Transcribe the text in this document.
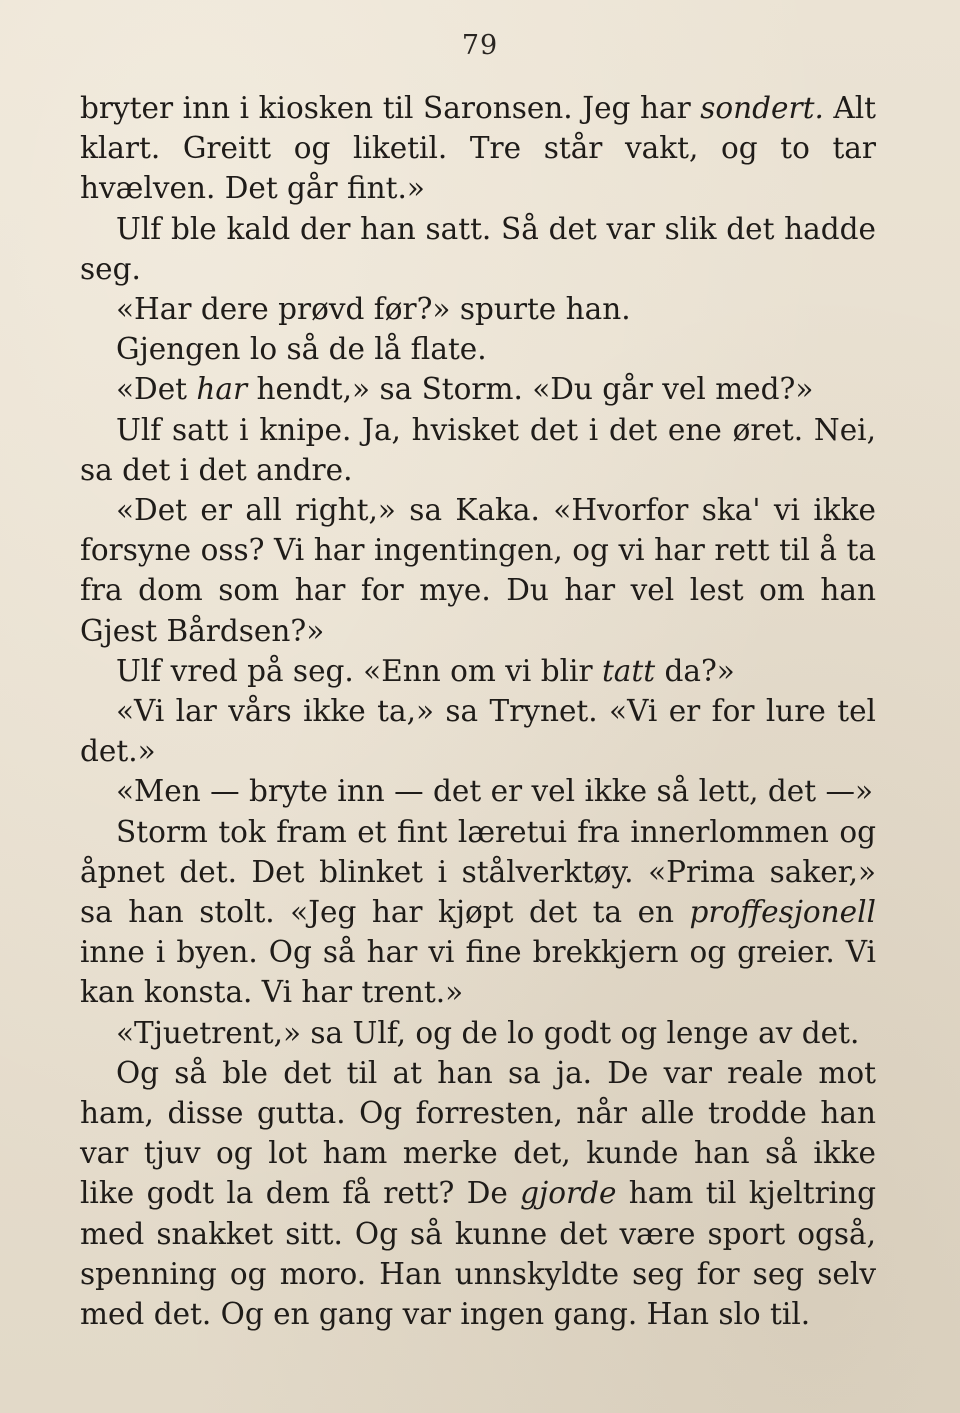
79

bryter inn i kiosken til Saronsen. Jeg har sondert. Alt klart. Greitt og liketil. Tre står vakt, og to tar hvælven. Det går fint.»

Ulf ble kald der han satt. Så det var slik det hadde seg.

«Har dere prøvd før?» spurte han.

Gjengen lo så de lå flate.

«Det har hendt,» sa Storm. «Du går vel med?»

Ulf satt i knipe. Ja, hvisket det i det ene øret. Nei, sa det i det andre.

«Det er all right,» sa Kaka. «Hvorfor ska' vi ikke forsyne oss? Vi har ingentingen, og vi har rett til å ta fra dom som har for mye. Du har vel lest om han Gjest Bårdsen?»

Ulf vred på seg. «Enn om vi blir tatt da?»

«Vi lar vårs ikke ta,» sa Trynet. «Vi er for lure tel det.»

«Men — bryte inn — det er vel ikke så lett, det —»

Storm tok fram et fint læretui fra innerlommen og åpnet det. Det blinket i stålverktøy. «Prima saker,» sa han stolt. «Jeg har kjøpt det ta en proffesjonell inne i byen. Og så har vi fine brekkjern og greier. Vi kan konsta. Vi har trent.»

«Tjuetrent,» sa Ulf, og de lo godt og lenge av det.

Og så ble det til at han sa ja. De var reale mot ham, disse gutta. Og forresten, når alle trodde han var tjuv og lot ham merke det, kunde han så ikke like godt la dem få rett? De gjorde ham til kjeltring med snakket sitt. Og så kunne det være sport også, spenning og moro. Han unnskyldte seg for seg selv med det. Og en gang var ingen gang. Han slo til.
